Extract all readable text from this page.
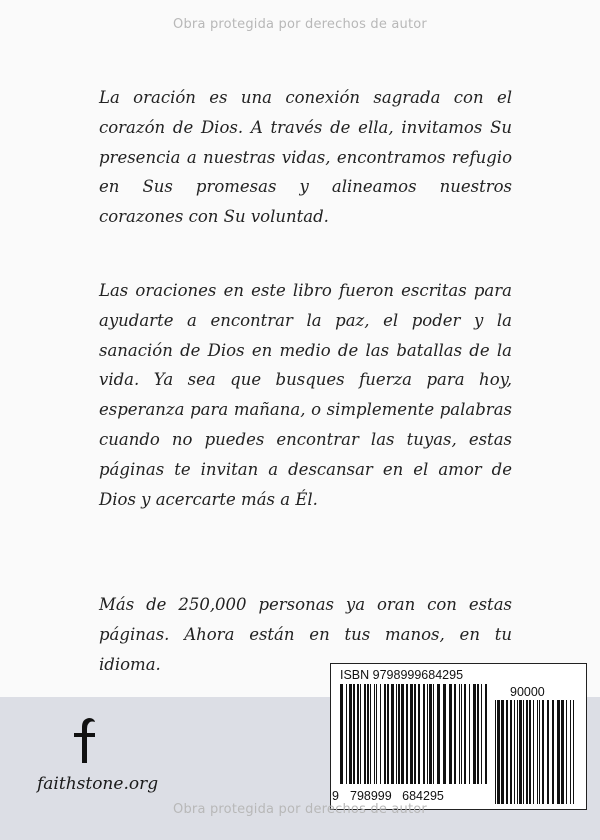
Obra protegida por derechos de autor

La oración es una conexión sagrada con el corazón de Dios. A través de ella, invitamos Su presencia a nuestras vidas, encontramos refugio en Sus promesas y alineamos nuestros corazones con Su voluntad.

Las oraciones en este libro fueron escritas para ayudarte a encontrar la paz, el poder y la sanación de Dios en medio de las batallas de la vida. Ya sea que busques fuerza para hoy, esperanza para mañana, o simplemente palabras cuando no puedes encontrar las tuyas, estas páginas te invitan a descansar en el amor de Dios y acercarte más a Él.

Más de 250,000 personas ya oran con estas páginas. Ahora están en tus manos, en tu idioma.

faithstone.org
ISBN 9798999684295
90000
9 798999   684295
Obra protegida por derechos de autor
